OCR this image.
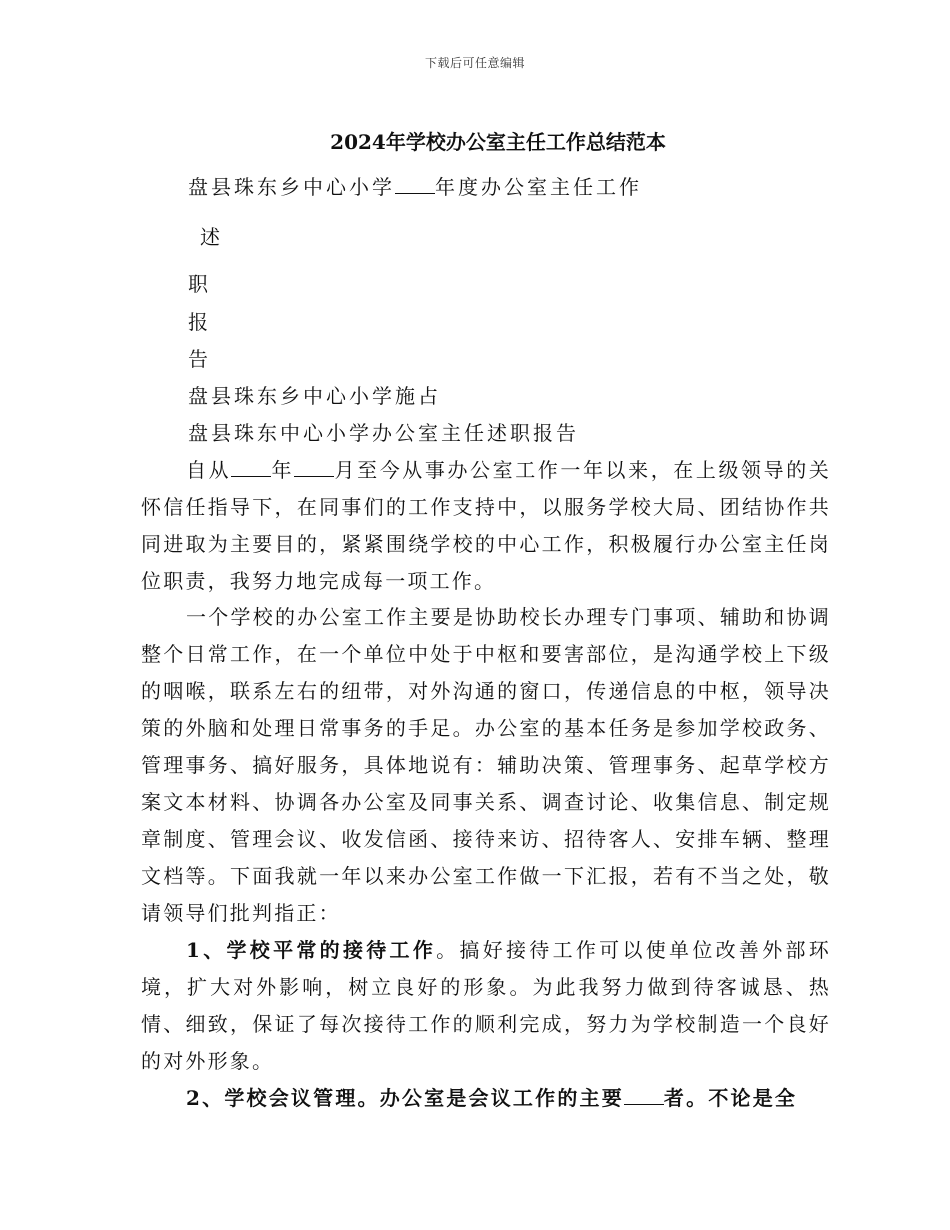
下载后可任意编辑
2024年学校办公室主任工作总结范本
盘县珠东乡中心小学 年度办公室主任工作
述
职
报
告
盘县珠东乡中心小学施占
盘县珠东中心小学办公室主任述职报告

自从 年 月至今从事办公室工作一年以来，在上级领导的关怀信任指导下，在同事们的工作支持中，以服务学校大局、团结协作共同进取为主要目的，紧紧围绕学校的中心工作，积极履行办公室主任岗位职责，我努力地完成每一项工作。

一个学校的办公室工作主要是协助校长办理专门事项、辅助和协调整个日常工作，在一个单位中处于中枢和要害部位，是沟通学校上下级的咽喉，联系左右的纽带，对外沟通的窗口，传递信息的中枢，领导决策的外脑和处理日常事务的手足。办公室的基本任务是参加学校政务、管理事务、搞好服务，具体地说有：辅助决策、管理事务、起草学校方案文本材料、协调各办公室及同事关系、调查讨论、收集信息、制定规章制度、管理会议、收发信函、接待来访、招待客人、安排车辆、整理文档等。下面我就一年以来办公室工作做一下汇报，若有不当之处，敬请领导们批判指正：

1、学校平常的接待工作。搞好接待工作可以使单位改善外部环境，扩大对外影响，树立良好的形象。为此我努力做到待客诚恳、热情、细致，保证了每次接待工作的顺利完成，努力为学校制造一个良好的对外形象。

2、学校会议管理。办公室是会议工作的主要 者。不论是全
